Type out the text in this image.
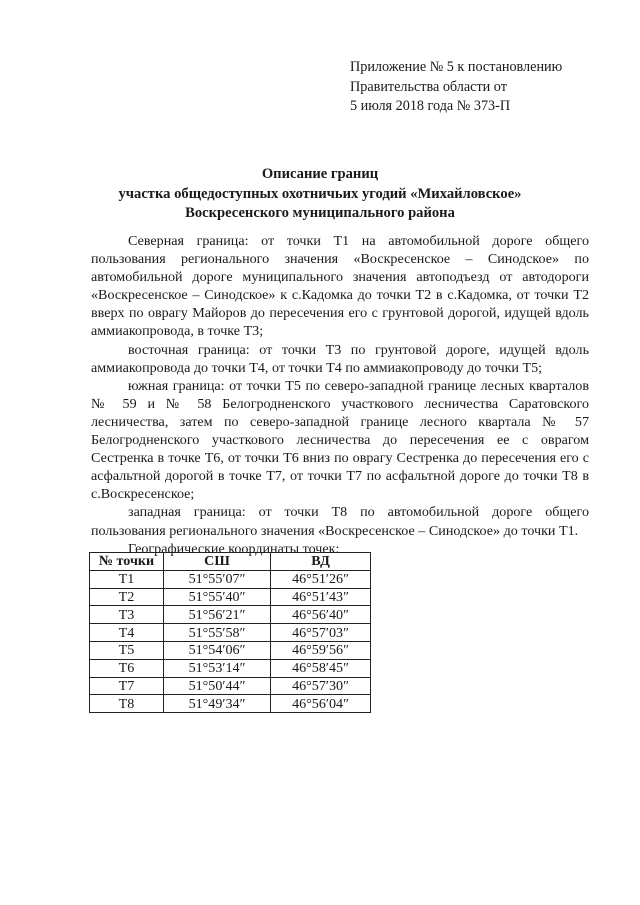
Приложение № 5 к постановлению
Правительства области от
5 июля 2018 года № 373-П
Описание границ
участка общедоступных охотничьих угодий «Михайловское»
Воскресенского муниципального района

Северная граница: от точки Т1 на автомобильной дороге общего пользования регионального значения «Воскресенское – Синодское» по автомобильной дороге муниципального значения автоподъезд от автодороги «Воскресенское – Синодское» к с.Кадомка до точки Т2 в с.Кадомка, от точки Т2 вверх по оврагу Майоров до пересечения его с грунтовой дорогой, идущей вдоль аммиакопровода, в точке Т3;

восточная граница: от точки Т3 по грунтовой дороге, идущей вдоль аммиакопровода до точки Т4, от точки Т4 по аммиакопроводу до точки Т5;

южная граница: от точки Т5 по северо-западной границе лесных кварталов № 59 и № 58 Белогродненского участкового лесничества Саратовского лесничества, затем по северо-западной границе лесного квартала № 57 Белогродненского участкового лесничества до пересечения ее с оврагом Сестренка в точке Т6, от точки Т6 вниз по оврагу Сестренка до пересечения его с асфальтной дорогой в точке Т7, от точки Т7 по асфальтной дороге до точки Т8 в с.Воскресенское;

западная граница: от точки Т8 по автомобильной дороге общего пользования регионального значения «Воскресенское – Синодское» до точки Т1.

Географические координаты точек:

№ точки	СШ	ВД
Т1	51°55′07″	46°51′26″
Т2	51°55′40″	46°51′43″
Т3	51°56′21″	46°56′40″
Т4	51°55′58″	46°57′03″
Т5	51°54′06″	46°59′56″
Т6	51°53′14″	46°58′45″
Т7	51°50′44″	46°57′30″
Т8	51°49′34″	46°56′04″
